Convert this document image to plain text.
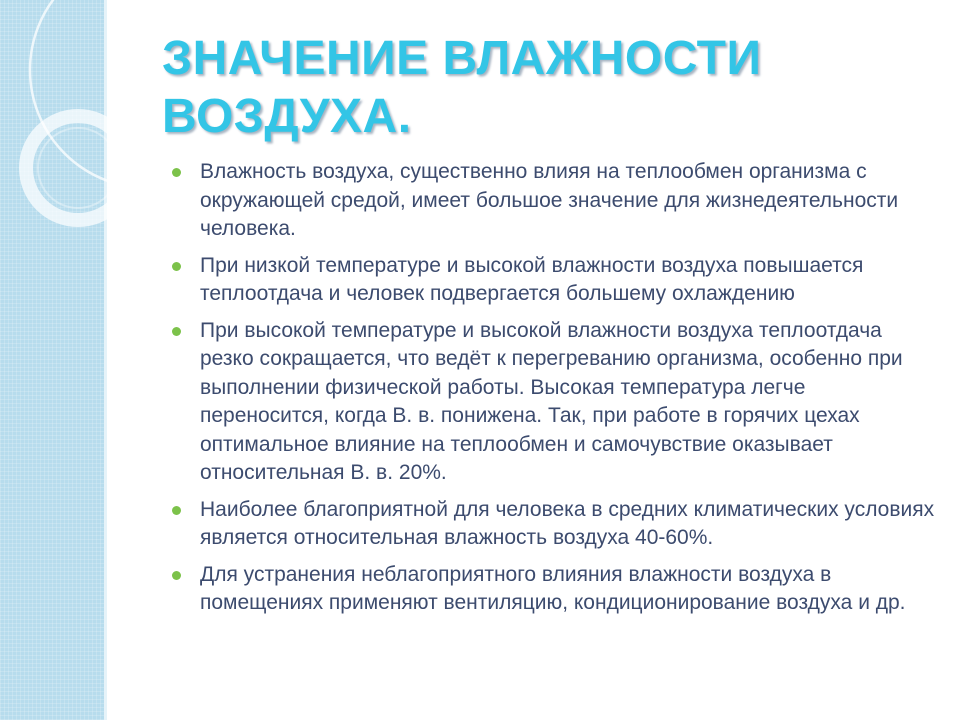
ЗНАЧЕНИЕ ВЛАЖНОСТИ ВОЗДУХА.
Влажность воздуха, существенно влияя на теплообмен организма с окружающей средой, имеет большое значение для жизнедеятельности человека.
При низкой температуре и высокой влажности воздуха повышается теплоотдача и человек подвергается большему охлаждению
При высокой температуре и высокой влажности воздуха теплоотдача резко сокращается, что ведёт к перегреванию организма, особенно при выполнении физической работы. Высокая температура легче переносится, когда В. в. понижена. Так, при работе в горячих цехах оптимальное влияние на теплообмен и самочувствие оказывает относительная В. в. 20%.
Наиболее благоприятной для человека в средних климатических условиях является относительная влажность воздуха 40-60%.
Для устранения неблагоприятного влияния влажности воздуха в помещениях применяют вентиляцию, кондиционирование воздуха и др.
